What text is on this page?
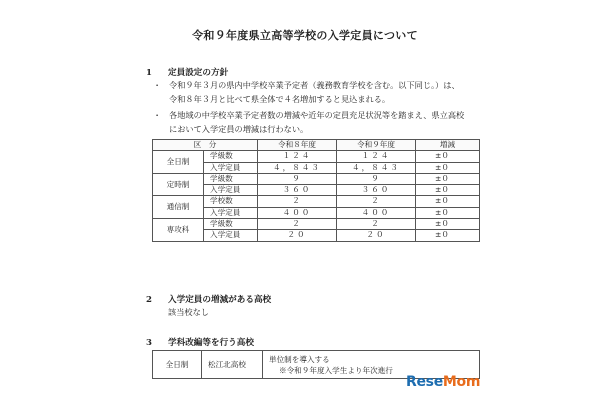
令和９年度県立高等学校の入学定員について
1 定員設定の方針
・ 令和９年３月の県内中学校卒業予定者（義務教育学校を含む。以下同じ。）は、
令和８年３月と比べて県全体で４名増加すると見込まれる。
・ 各地域の中学校卒業予定者数の増減や近年の定員充足状況等を踏まえ、県立高校
において入学定員の増減は行わない。
区　分		令和８年度	令和９年度	増減
全日制	学級数	１２４	１２４	±０
	入学定員	４，８４３	４，８４３	±０
定時制	学級数	９	９	±０
	入学定員	３６０	３６０	±０
通信制	学校数	２	２	±０
	入学定員	４００	４００	±０
専攻科	学級数	２	２	±０
	入学定員	２０	２０	±０
2 入学定員の増減がある高校
該当校なし
3 学科改編等を行う高校
全日制	松江北高校	
単位制を導入する
※令和９年度入学生より年次進行
ReseMom
